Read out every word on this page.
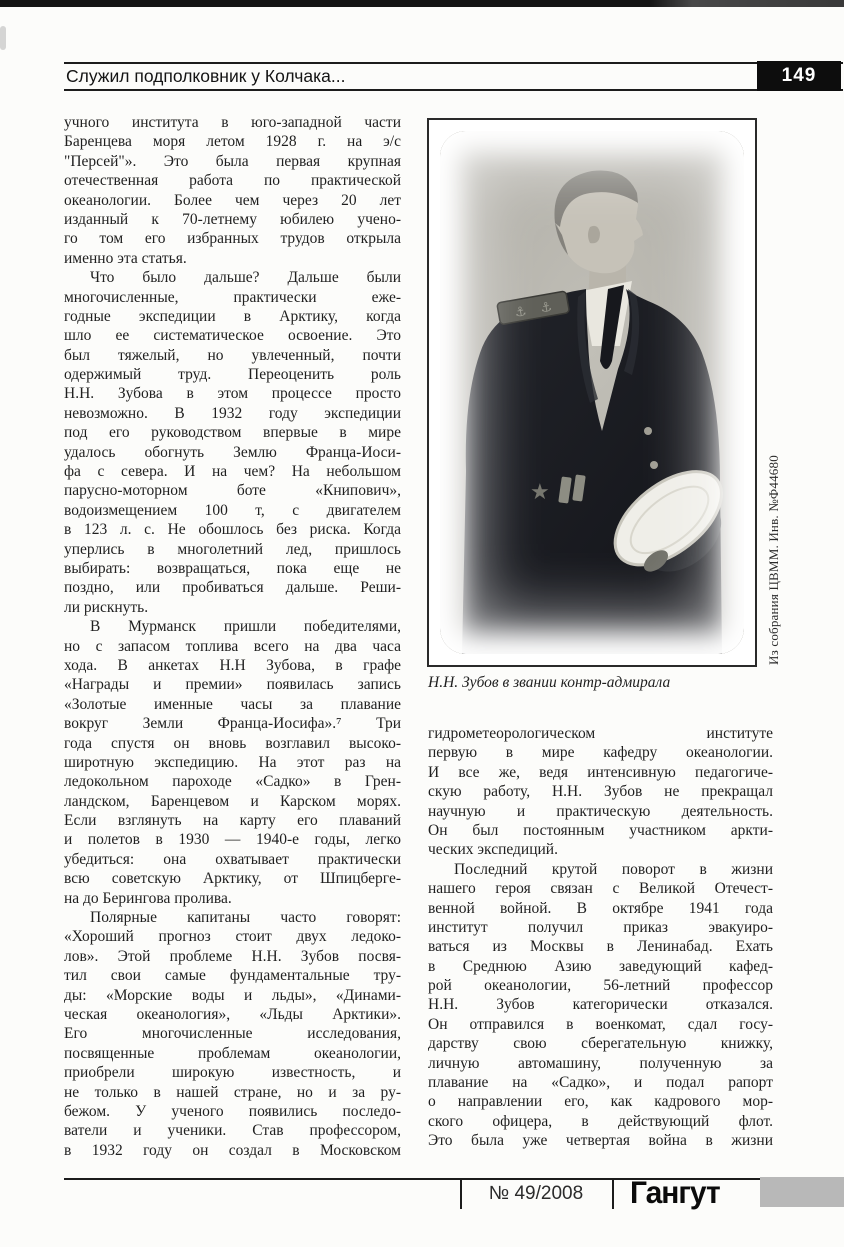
Служил подполковник у Колчака...	149
учного института в юго-западной части
Баренцева моря летом 1928 г. на э/с
"Персей"». Это была первая крупная
отечественная работа по практической
океанологии. Более чем через 20 лет
изданный к 70-летнему юбилею учено-
го том его избранных трудов открыла
именно эта статья.
Что было дальше? Дальше были
многочисленные, практически еже-
годные экспедиции в Арктику, когда
шло ее систематическое освоение. Это
был тяжелый, но увлеченный, почти
одержимый труд. Переоценить роль
Н.Н. Зубова в этом процессе просто
невозможно. В 1932 году экспедиции
под его руководством впервые в мире
удалось обогнуть Землю Франца-Иоси-
фа с севера. И на чем? На небольшом
парусно-моторном боте «Книпович»,
водоизмещением 100 т, с двигателем
в 123 л. с. Не обошлось без риска. Когда
уперлись в многолетний лед, пришлось
выбирать: возвращаться, пока еще не
поздно, или пробиваться дальше. Реши-
ли рискнуть.
В Мурманск пришли победителями,
но с запасом топлива всего на два часа
хода. В анкетах Н.Н Зубова, в графе
«Награды и премии» появилась запись
«Золотые именные часы за плавание
вокруг Земли Франца-Иосифа».⁷ Три
года спустя он вновь возглавил высоко-
широтную экспедицию. На этот раз на
ледокольном пароходе «Садко» в Грен-
ландском, Баренцевом и Карском морях.
Если взглянуть на карту его плаваний
и полетов в 1930 — 1940-е годы, легко
убедиться: она охватывает практически
всю советскую Арктику, от Шпицберге-
на до Берингова пролива.
Полярные капитаны часто говорят:
«Хороший прогноз стоит двух ледоко-
лов». Этой проблеме Н.Н. Зубов посвя-
тил свои самые фундаментальные тру-
ды: «Морские воды и льды», «Динами-
ческая океанология», «Льды Арктики».
Его многочисленные исследования,
посвященные проблемам океанологии,
приобрели широкую известность, и
не только в нашей стране, но и за ру-
бежом. У ученого появились последо-
ватели и ученики. Став профессором,
в 1932 году он создал в Московском
⚓ ⚓
★	Из собрания ЦВММ. Инв. №Ф44680
Н.Н. Зубов в звании контр-адмирала
гидрометеорологическом институте
первую в мире кафедру океанологии.
И все же, ведя интенсивную педагогиче-
скую работу, Н.Н. Зубов не прекращал
научную и практическую деятельность.
Он был постоянным участником аркти-
ческих экспедиций.
Последний крутой поворот в жизни
нашего героя связан с Великой Отечест-
венной войной. В октябре 1941 года
институт получил приказ эвакуиро-
ваться из Москвы в Ленинабад. Ехать
в Среднюю Азию заведующий кафед-
рой океанологии, 56-летний профессор
Н.Н. Зубов категорически отказался.
Он отправился в военкомат, сдал госу-
дарству свою сберегательную книжку,
личную автомашину, полученную за
плавание на «Садко», и подал рапорт
о направлении его, как кадрового мор-
ского офицера, в действующий флот.
Это была уже четвертая война в жизни
№ 49/2008	Гангут
